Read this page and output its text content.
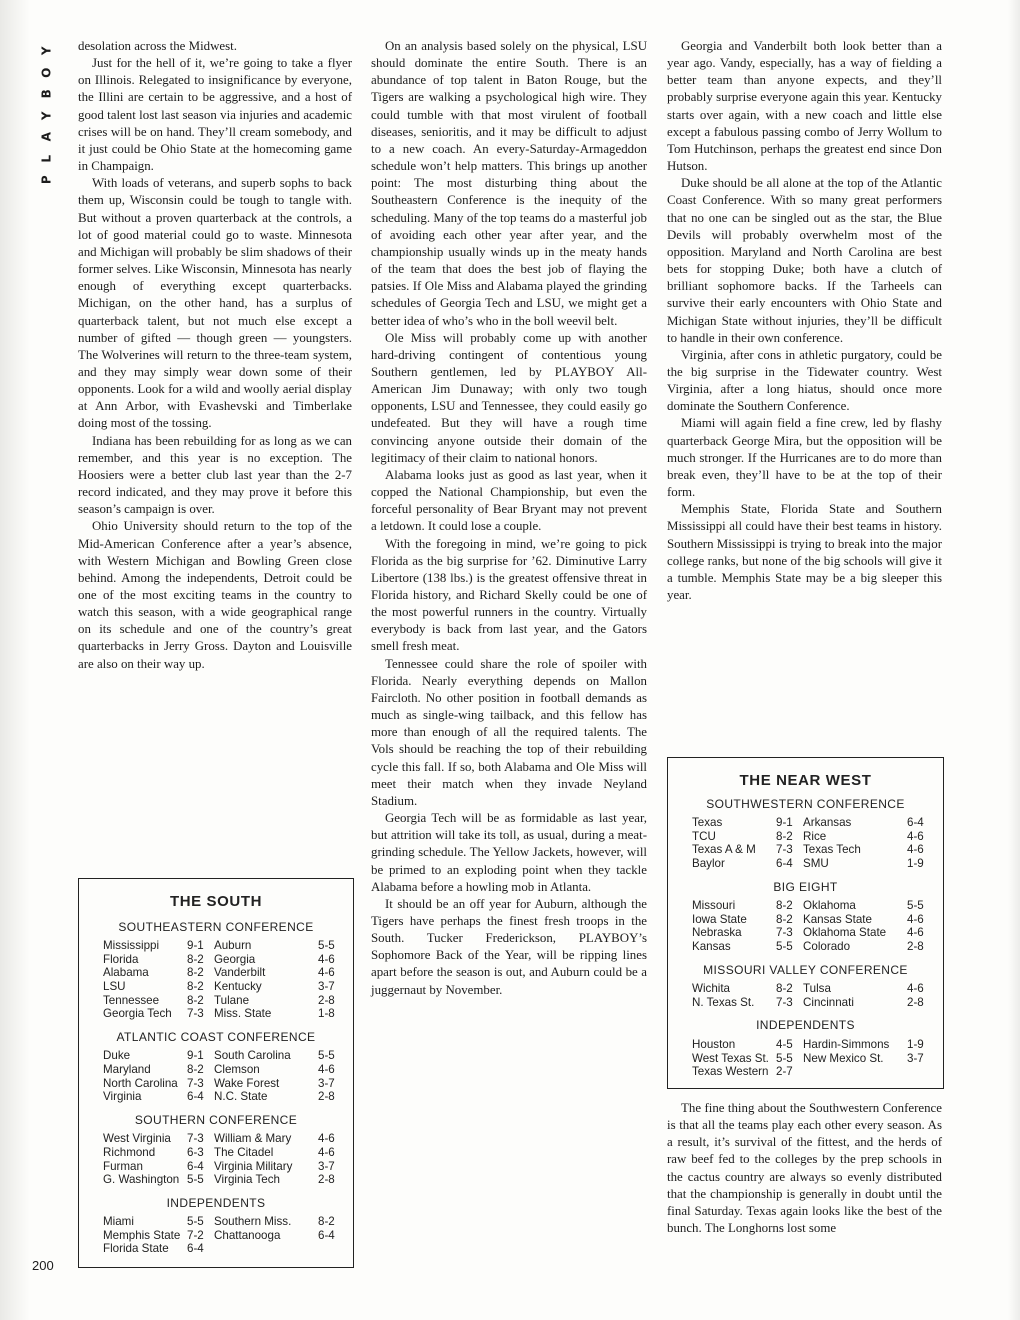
Y
O
B
Y
A
L
P

desolation across the Midwest.

Just for the hell of it, we’re going to take a flyer on Illinois. Relegated to insignificance by everyone, the Illini are certain to be aggressive, and a host of good talent lost last season via injuries and academic crises will be on hand. They’ll cream somebody, and it just could be Ohio State at the homecoming game in Champaign.

With loads of veterans, and superb sophs to back them up, Wisconsin could be tough to tangle with. But without a proven quarterback at the controls, a lot of good material could go to waste. Minnesota and Michigan will probably be slim shadows of their former selves. Like Wisconsin, Minnesota has nearly enough of everything except quarterbacks. Michigan, on the other hand, has a surplus of quarterback talent, but not much else except a number of gifted — though green — youngsters. The Wolverines will return to the three-team system, and they may simply wear down some of their opponents. Look for a wild and woolly aerial display at Ann Arbor, with Evashevski and Timberlake doing most of the tossing.

Indiana has been rebuilding for as long as we can remember, and this year is no exception. The Hoosiers were a better club last year than the 2-7 record indicated, and they may prove it before this season’s campaign is over.

Ohio University should return to the top of the Mid-American Conference after a year’s absence, with Western Michigan and Bowling Green close behind. Among the independents, Detroit could be one of the most exciting teams in the country to watch this season, with a wide geographical range on its schedule and one of the country’s great quarterbacks in Jerry Gross. Dayton and Louisville are also on their way up.

On an analysis based solely on the physical, LSU should dominate the entire South. There is an abundance of top talent in Baton Rouge, but the Tigers are walking a psychological high wire. They could tumble with that most virulent of football diseases, senioritis, and it may be difficult to adjust to a new coach. An every-Saturday-Armageddon schedule won’t help matters. This brings up another point: The most disturbing thing about the Southeastern Conference is the inequity of the scheduling. Many of the top teams do a masterful job of avoiding each other year after year, and the championship usually winds up in the meaty hands of the team that does the best job of flaying the patsies. If Ole Miss and Alabama played the grinding schedules of Georgia Tech and LSU, we might get a better idea of who’s who in the boll weevil belt.

Ole Miss will probably come up with another hard-driving contingent of contentious young Southern gentlemen, led by PLAYBOY All-American Jim Dunaway; with only two tough opponents, LSU and Tennessee, they could easily go undefeated. But they will have a rough time convincing anyone outside their domain of the legitimacy of their claim to national honors.

Alabama looks just as good as last year, when it copped the National Championship, but even the forceful personality of Bear Bryant may not prevent a letdown. It could lose a couple.

With the foregoing in mind, we’re going to pick Florida as the big surprise for ’62. Diminutive Larry Libertore (138 lbs.) is the greatest offensive threat in Florida history, and Richard Skelly could be one of the most powerful runners in the country. Virtually everybody is back from last year, and the Gators smell fresh meat.

Tennessee could share the role of spoiler with Florida. Nearly everything depends on Mallon Faircloth. No other position in football demands as much as single-wing tailback, and this fellow has more than enough of all the required talents. The Vols should be reaching the top of their rebuilding cycle this fall. If so, both Alabama and Ole Miss will meet their match when they invade Neyland Stadium.

Georgia Tech will be as formidable as last year, but attrition will take its toll, as usual, during a meat-grinding schedule. The Yellow Jackets, however, will be primed to an exploding point when they tackle Alabama before a howling mob in Atlanta.

It should be an off year for Auburn, although the Tigers have perhaps the finest fresh troops in the South. Tucker Frederickson, PLAYBOY’s Sophomore Back of the Year, will be ripping lines apart before the season is out, and Auburn could be a juggernaut by November.

Georgia and Vanderbilt both look better than a year ago. Vandy, especially, has a way of fielding a better team than anyone expects, and they’ll probably surprise everyone again this year. Kentucky starts over again, with a new coach and little else except a fabulous passing combo of Jerry Wollum to Tom Hutchinson, perhaps the greatest end since Don Hutson.

Duke should be all alone at the top of the Atlantic Coast Conference. With so many great performers that no one can be singled out as the star, the Blue Devils will probably overwhelm most of the opposition. Maryland and North Carolina are best bets for stopping Duke; both have a clutch of brilliant sophomore backs. If the Tarheels can survive their early encounters with Ohio State and Michigan State without injuries, they’ll be difficult to handle in their own conference.

Virginia, after cons in athletic purgatory, could be the big surprise in the Tidewater country. West Virginia, after a long hiatus, should once more dominate the Southern Conference.

Miami will again field a fine crew, led by flashy quarterback George Mira, but the opposition will be much stronger. If the Hurricanes are to do more than break even, they’ll have to be at the top of their form.

Memphis State, Florida State and Southern Mississippi all could have their best teams in history. Southern Mississippi is trying to break into the major college ranks, but none of the big schools will give it a tumble. Memphis State may be a big sleeper this year.

The fine thing about the Southwestern Conference is that all the teams play each other every season. As a result, it’s survival of the fittest, and the herds of raw beef fed to the colleges by the prep schools in the cactus country are always so evenly distributed that the championship is generally in doubt until the final Saturday. Texas again looks like the best of the bunch. The Longhorns lost some

THE SOUTH
SOUTHEASTERN CONFERENCE
Mississippi	9-1 Auburn	5-5
Florida	8-2 Georgia	4-6
Alabama	8-2 Vanderbilt	4-6
LSU	8-2 Kentucky	3-7
Tennessee	8-2 Tulane	2-8
Georgia Tech	7-3 Miss. State	1-8
ATLANTIC COAST CONFERENCE
Duke	9-1 South Carolina	5-5
Maryland	8-2 Clemson	4-6
North Carolina 7-3 Wake Forest	3-7
Virginia	6-4 N.C. State	2-8
SOUTHERN CONFERENCE
West Virginia	7-3 William & Mary	4-6
Richmond	6-3 The Citadel	4-6
Furman	6-4 Virginia Military	3-7
G. Washington 5-5 Virginia Tech	2-8
INDEPENDENTS
Miami	5-5 Southern Miss.	8-2
Memphis State 7-2 Chattanooga	6-4
Florida State	6-4
THE NEAR WEST
SOUTHWESTERN CONFERENCE
Texas	9-1 Arkansas	6-4
TCU	8-2 Rice	4-6
Texas A & M	7-3 Texas Tech	4-6
Baylor	6-4 SMU	1-9
BIG EIGHT
Missouri	8-2 Oklahoma	5-5
Iowa State	8-2 Kansas State	4-6
Nebraska	7-3 Oklahoma State	4-6
Kansas	5-5 Colorado	2-8
MISSOURI VALLEY CONFERENCE
Wichita	8-2 Tulsa	4-6
N. Texas St.	7-3 Cincinnati	2-8
INDEPENDENTS
Houston	4-5 Hardin-Simmons	1-9
West Texas St. 5-5 New Mexico St.	3-7
Texas Western 2-7
200
